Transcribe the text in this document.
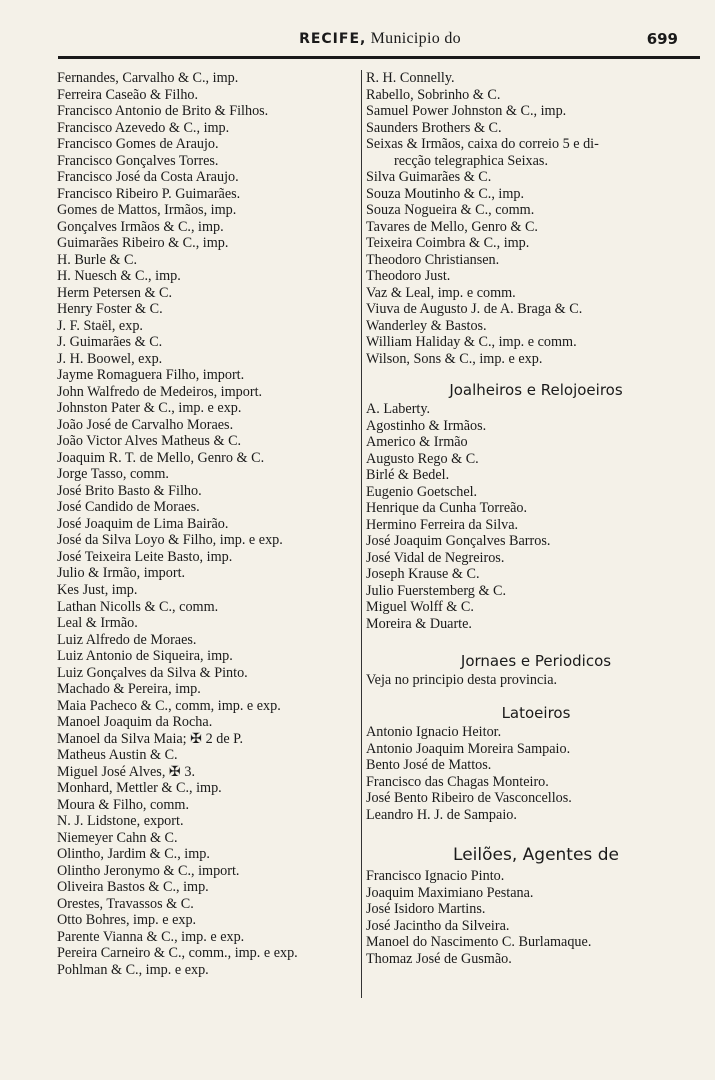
RECIFE, Municipio do	699
Fernandes, Carvalho & C., imp.
Ferreira Caseão & Filho.
Francisco Antonio de Brito & Filhos.
Francisco Azevedo & C., imp.
Francisco Gomes de Araujo.
Francisco Gonçalves Torres.
Francisco José da Costa Araujo.
Francisco Ribeiro P. Guimarães.
Gomes de Mattos, Irmãos, imp.
Gonçalves Irmãos & C., imp.
Guimarães Ribeiro & C., imp.
H. Burle & C.
H. Nuesch & C., imp.
Herm Petersen & C.
Henry Foster & C.
J. F. Staël, exp.
J. Guimarães & C.
J. H. Boowel, exp.
Jayme Romaguera Filho, import.
John Walfredo de Medeiros, import.
Johnston Pater & C., imp. e exp.
João José de Carvalho Moraes.
João Victor Alves Matheus & C.
Joaquim R. T. de Mello, Genro & C.
Jorge Tasso, comm.
José Brito Basto & Filho.
José Candido de Moraes.
José Joaquim de Lima Bairão.
José da Silva Loyo & Filho, imp. e exp.
José Teixeira Leite Basto, imp.
Julio & Irmão, import.
Kes Just, imp.
Lathan Nicolls & C., comm.
Leal & Irmão.
Luiz Alfredo de Moraes.
Luiz Antonio de Siqueira, imp.
Luiz Gonçalves da Silva & Pinto.
Machado & Pereira, imp.
Maia Pacheco & C., comm, imp. e exp.
Manoel Joaquim da Rocha.
Manoel da Silva Maia; ✠ 2 de P.
Matheus Austin & C.
Miguel José Alves, ✠ 3.
Monhard, Mettler & C., imp.
Moura & Filho, comm.
N. J. Lidstone, export.
Niemeyer Cahn & C.
Olintho, Jardim & C., imp.
Olintho Jeronymo & C., import.
Oliveira Bastos & C., imp.
Orestes, Travassos & C.
Otto Bohres, imp. e exp.
Parente Vianna & C., imp. e exp.
Pereira Carneiro & C., comm., imp. e exp.
Pohlman & C., imp. e exp.
R. H. Connelly.
Rabello, Sobrinho & C.
Samuel Power Johnston & C., imp.
Saunders Brothers & C.
Seixas & Irmãos, caixa do correio 5 e di-
recção telegraphica Seixas.
Silva Guimarães & C.
Souza Moutinho & C., imp.
Souza Nogueira & C., comm.
Tavares de Mello, Genro & C.
Teixeira Coimbra & C., imp.
Theodoro Christiansen.
Theodoro Just.
Vaz & Leal, imp. e comm.
Viuva de Augusto J. de A. Braga & C.
Wanderley & Bastos.
William Haliday & C., imp. e comm.
Wilson, Sons & C., imp. e exp.
Joalheiros e Relojoeiros
A. Laberty.
Agostinho & Irmãos.
Americo & Irmão
Augusto Rego & C.
Birlé & Bedel.
Eugenio Goetschel.
Henrique da Cunha Torreão.
Hermino Ferreira da Silva.
José Joaquim Gonçalves Barros.
José Vidal de Negreiros.
Joseph Krause & C.
Julio Fuerstemberg & C.
Miguel Wolff & C.
Moreira & Duarte.
Jornaes e Periodicos
Veja no principio desta provincia.
Latoeiros
Antonio Ignacio Heitor.
Antonio Joaquim Moreira Sampaio.
Bento José de Mattos.
Francisco das Chagas Monteiro.
José Bento Ribeiro de Vasconcellos.
Leandro H. J. de Sampaio.
Leilões, Agentes de
Francisco Ignacio Pinto.
Joaquim Maximiano Pestana.
José Isidoro Martins.
José Jacintho da Silveira.
Manoel do Nascimento C. Burlamaque.
Thomaz José de Gusmão.
